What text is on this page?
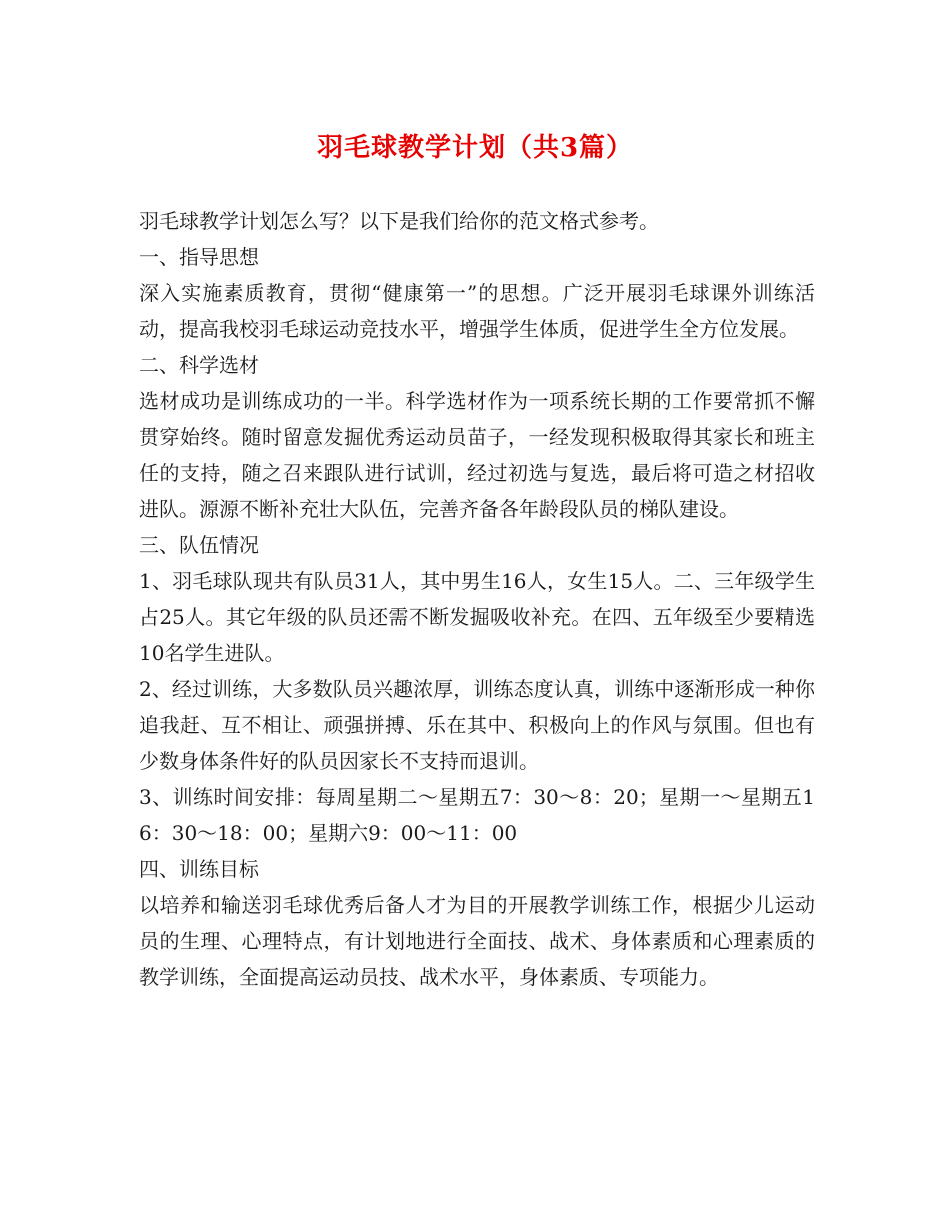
羽毛球教学计划（共3篇）

羽毛球教学计划怎么写？以下是我们给你的范文格式参考。

一、指导思想

深入实施素质教育，贯彻“健康第一”的思想。广泛开展羽毛球课外训练活动，提高我校羽毛球运动竞技水平，增强学生体质，促进学生全方位发展。

二、科学选材

选材成功是训练成功的一半。科学选材作为一项系统长期的工作要常抓不懈贯穿始终。随时留意发掘优秀运动员苗子，一经发现积极取得其家长和班主任的支持，随之召来跟队进行试训，经过初选与复选，最后将可造之材招收进队。源源不断补充壮大队伍，完善齐备各年龄段队员的梯队建设。

三、队伍情况

1、羽毛球队现共有队员31人，其中男生16人，女生15人。二、三年级学生占25人。其它年级的队员还需不断发掘吸收补充。在四、五年级至少要精选10名学生进队。

2、经过训练，大多数队员兴趣浓厚，训练态度认真，训练中逐渐形成一种你追我赶、互不相让、顽强拼搏、乐在其中、积极向上的作风与氛围。但也有少数身体条件好的队员因家长不支持而退训。

3、训练时间安排：每周星期二～星期五7：30～8：20；星期一～星期五16：30～18：00；星期六9：00～11：00

四、训练目标

以培养和输送羽毛球优秀后备人才为目的开展教学训练工作，根据少儿运动员的生理、心理特点，有计划地进行全面技、战术、身体素质和心理素质的教学训练，全面提高运动员技、战术水平，身体素质、专项能力。
